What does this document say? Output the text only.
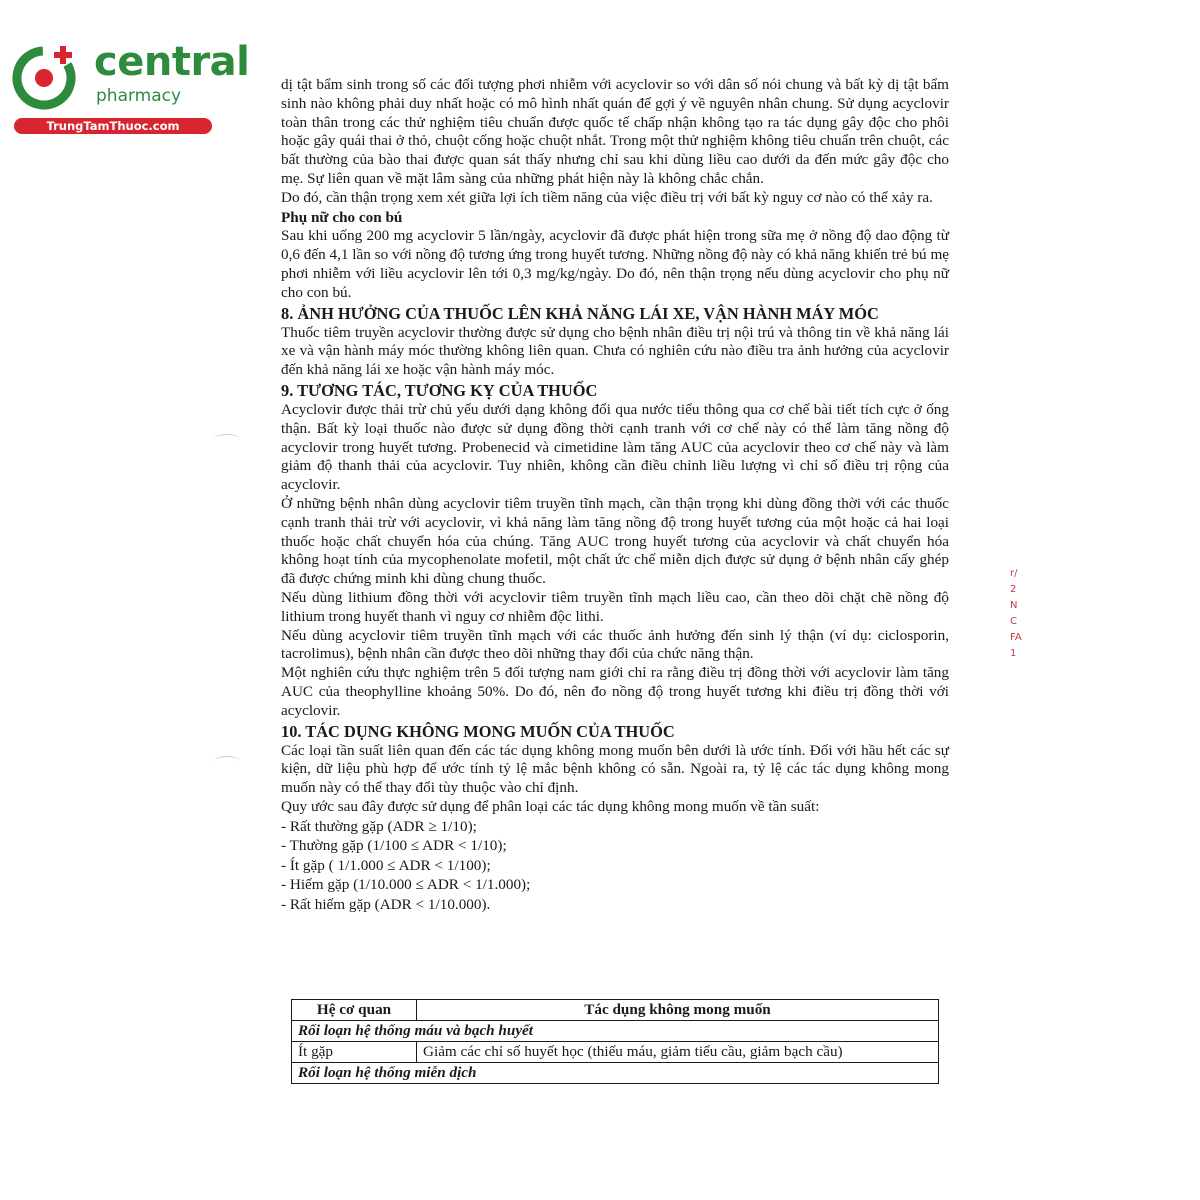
central
pharmacy
TrungTamThuoc.com

dị tật bẩm sinh trong số các đối tượng phơi nhiễm với acyclovir so với dân số nói chung và bất kỳ dị tật bẩm sinh nào không phải duy nhất hoặc có mô hình nhất quán để gợi ý về nguyên nhân chung. Sử dụng acyclovir toàn thân trong các thử nghiệm tiêu chuẩn được quốc tế chấp nhận không tạo ra tác dụng gây độc cho phôi hoặc gây quái thai ở thỏ, chuột cống hoặc chuột nhắt. Trong một thử nghiệm không tiêu chuẩn trên chuột, các bất thường của bào thai được quan sát thấy nhưng chỉ sau khi dùng liều cao dưới da đến mức gây độc cho mẹ. Sự liên quan về mặt lâm sàng của những phát hiện này là không chắc chắn.

Do đó, cần thận trọng xem xét giữa lợi ích tiềm năng của việc điều trị với bất kỳ nguy cơ nào có thể xảy ra.

Phụ nữ cho con bú

Sau khi uống 200 mg acyclovir 5 lần/ngày, acyclovir đã được phát hiện trong sữa mẹ ở nồng độ dao động từ 0,6 đến 4,1 lần so với nồng độ tương ứng trong huyết tương. Những nồng độ này có khả năng khiến trẻ bú mẹ phơi nhiễm với liều acyclovir lên tới 0,3 mg/kg/ngày. Do đó, nên thận trọng nếu dùng acyclovir cho phụ nữ cho con bú.

8. ẢNH HƯỞNG CỦA THUỐC LÊN KHẢ NĂNG LÁI XE, VẬN HÀNH MÁY MÓC

Thuốc tiêm truyền acyclovir thường được sử dụng cho bệnh nhân điều trị nội trú và thông tin về khả năng lái xe và vận hành máy móc thường không liên quan. Chưa có nghiên cứu nào điều tra ảnh hưởng của acyclovir đến khả năng lái xe hoặc vận hành máy móc.

9. TƯƠNG TÁC, TƯƠNG KỴ CỦA THUỐC

Acyclovir được thải trừ chủ yếu dưới dạng không đổi qua nước tiểu thông qua cơ chế bài tiết tích cực ở ống thận. Bất kỳ loại thuốc nào được sử dụng đồng thời cạnh tranh với cơ chế này có thể làm tăng nồng độ acyclovir trong huyết tương. Probenecid và cimetidine làm tăng AUC của acyclovir theo cơ chế này và làm giảm độ thanh thải của acyclovir. Tuy nhiên, không cần điều chỉnh liều lượng vì chỉ số điều trị rộng của acyclovir.

Ở những bệnh nhân dùng acyclovir tiêm truyền tĩnh mạch, cần thận trọng khi dùng đồng thời với các thuốc cạnh tranh thải trừ với acyclovir, vì khả năng làm tăng nồng độ trong huyết tương của một hoặc cả hai loại thuốc hoặc chất chuyển hóa của chúng. Tăng AUC trong huyết tương của acyclovir và chất chuyển hóa không hoạt tính của mycophenolate mofetil, một chất ức chế miễn dịch được sử dụng ở bệnh nhân cấy ghép đã được chứng minh khi dùng chung thuốc.

Nếu dùng lithium đồng thời với acyclovir tiêm truyền tĩnh mạch liều cao, cần theo dõi chặt chẽ nồng độ lithium trong huyết thanh vì nguy cơ nhiễm độc lithi.

Nếu dùng acyclovir tiêm truyền tĩnh mạch với các thuốc ảnh hưởng đến sinh lý thận (ví dụ: ciclosporin, tacrolimus), bệnh nhân cần được theo dõi những thay đổi của chức năng thận.

Một nghiên cứu thực nghiệm trên 5 đối tượng nam giới chỉ ra rằng điều trị đồng thời với acyclovir làm tăng AUC của theophylline khoảng 50%. Do đó, nên đo nồng độ trong huyết tương khi điều trị đồng thời với acyclovir.

10. TÁC DỤNG KHÔNG MONG MUỐN CỦA THUỐC

Các loại tần suất liên quan đến các tác dụng không mong muốn bên dưới là ước tính. Đối với hầu hết các sự kiện, dữ liệu phù hợp để ước tính tỷ lệ mắc bệnh không có sẵn. Ngoài ra, tỷ lệ các tác dụng không mong muốn này có thể thay đổi tùy thuộc vào chỉ định.

Quy ước sau đây được sử dụng để phân loại các tác dụng không mong muốn về tần suất:

- Rất thường gặp (ADR ≥ 1/10);
- Thường gặp (1/100 ≤ ADR < 1/10);
- Ít gặp ( 1/1.000 ≤ ADR < 1/100);
- Hiếm gặp (1/10.000 ≤ ADR < 1/1.000);
- Rất hiếm gặp (ADR < 1/10.000).
Hệ cơ quan	Tác dụng không mong muốn
Rối loạn hệ thống máu và bạch huyết	
Ít gặp	Giảm các chỉ số huyết học (thiếu máu, giảm tiểu cầu, giảm bạch cầu)
Rối loạn hệ thống miễn dịch	
r/
2
N
C
FA
1
